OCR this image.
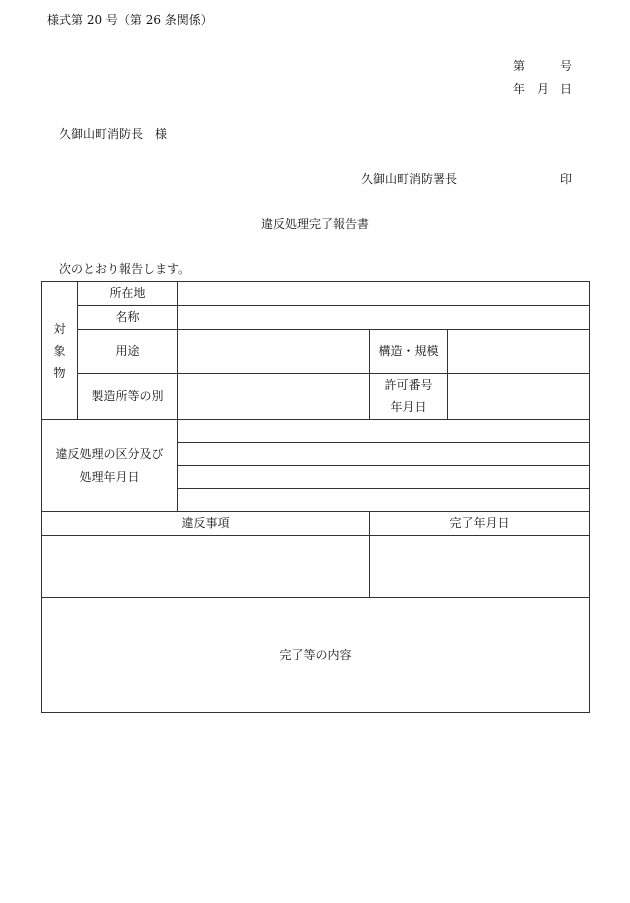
様式第 20 号（第 26 条関係）
第	号
年 月 日
久御山町消防長　様
久御山町消防署長	印
違反処理完了報告書
次のとおり報告します。
対
象
物	所在地			
	名称			
	用途		構造・規模	
	製造所等の別		許可番号
年月日	

違反処理の区分及び
処理年月日				

違反事項			完了年月日	

完了等の内容				
